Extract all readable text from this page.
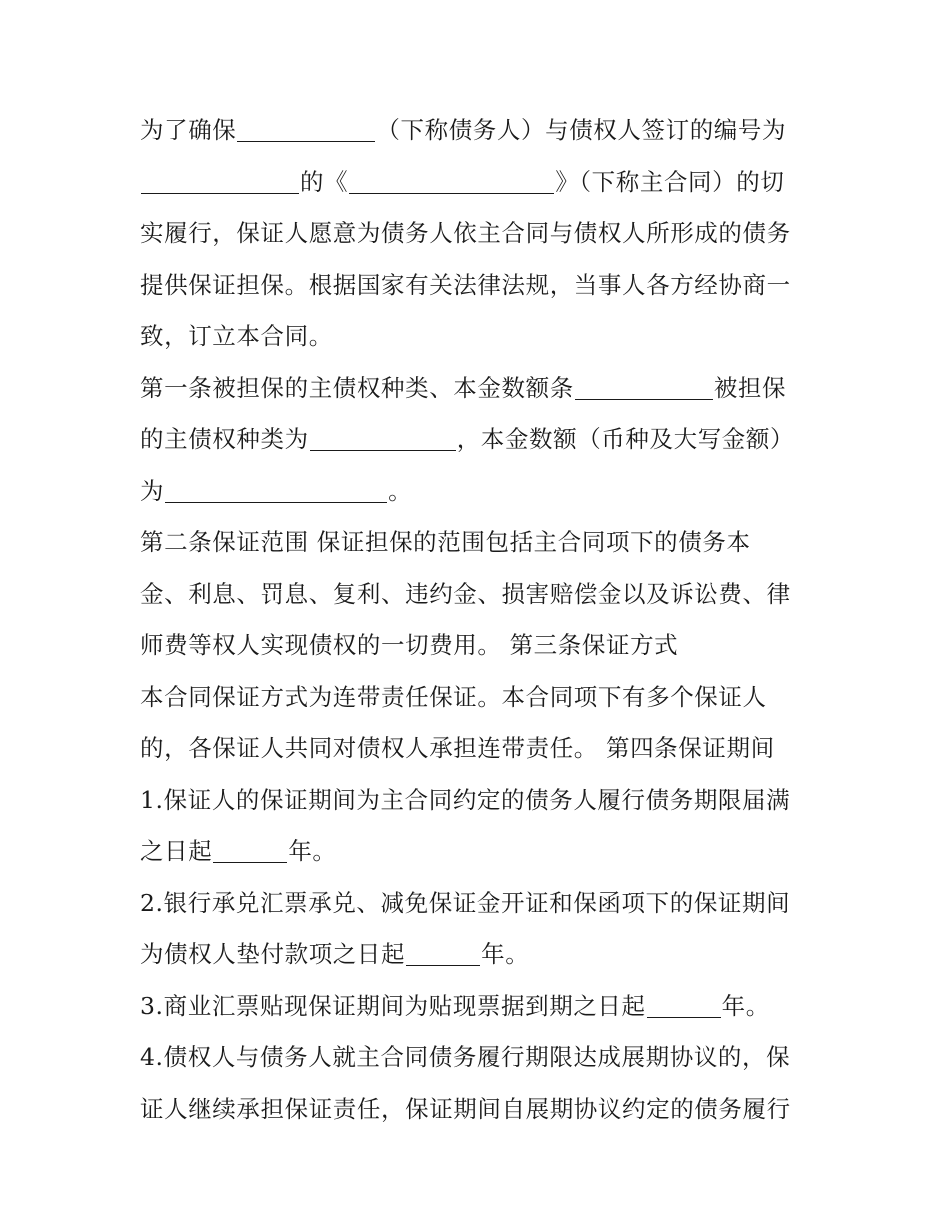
为了确保	（下称债务人）与债权人签订的编号为
的《	》（下称主合同）的切
实履行，保证人愿意为债务人依主合同与债权人所形成的债务
提供保证担保。根据国家有关法律法规，当事人各方经协商一
致，订立本合同。
第一条被担保的主债权种类、本金数额条	被担保
的主债权种类为	，本金数额（币种及大写金额）
为	。
第二条保证范围 保证担保的范围包括主合同项下的债务本
金、利息、罚息、复利、违约金、损害赔偿金以及诉讼费、律
师费等权人实现债权的一切费用。 第三条保证方式
本合同保证方式为连带责任保证。本合同项下有多个保证人
的，各保证人共同对债权人承担连带责任。 第四条保证期间
1.保证人的保证期间为主合同约定的债务人履行债务期限届满
之日起	年。
2.银行承兑汇票承兑、减免保证金开证和保函项下的保证期间
为债权人垫付款项之日起	年。
3.商业汇票贴现保证期间为贴现票据到期之日起	年。
4.债权人与债务人就主合同债务履行期限达成展期协议的，保
证人继续承担保证责任，保证期间自展期协议约定的债务履行
